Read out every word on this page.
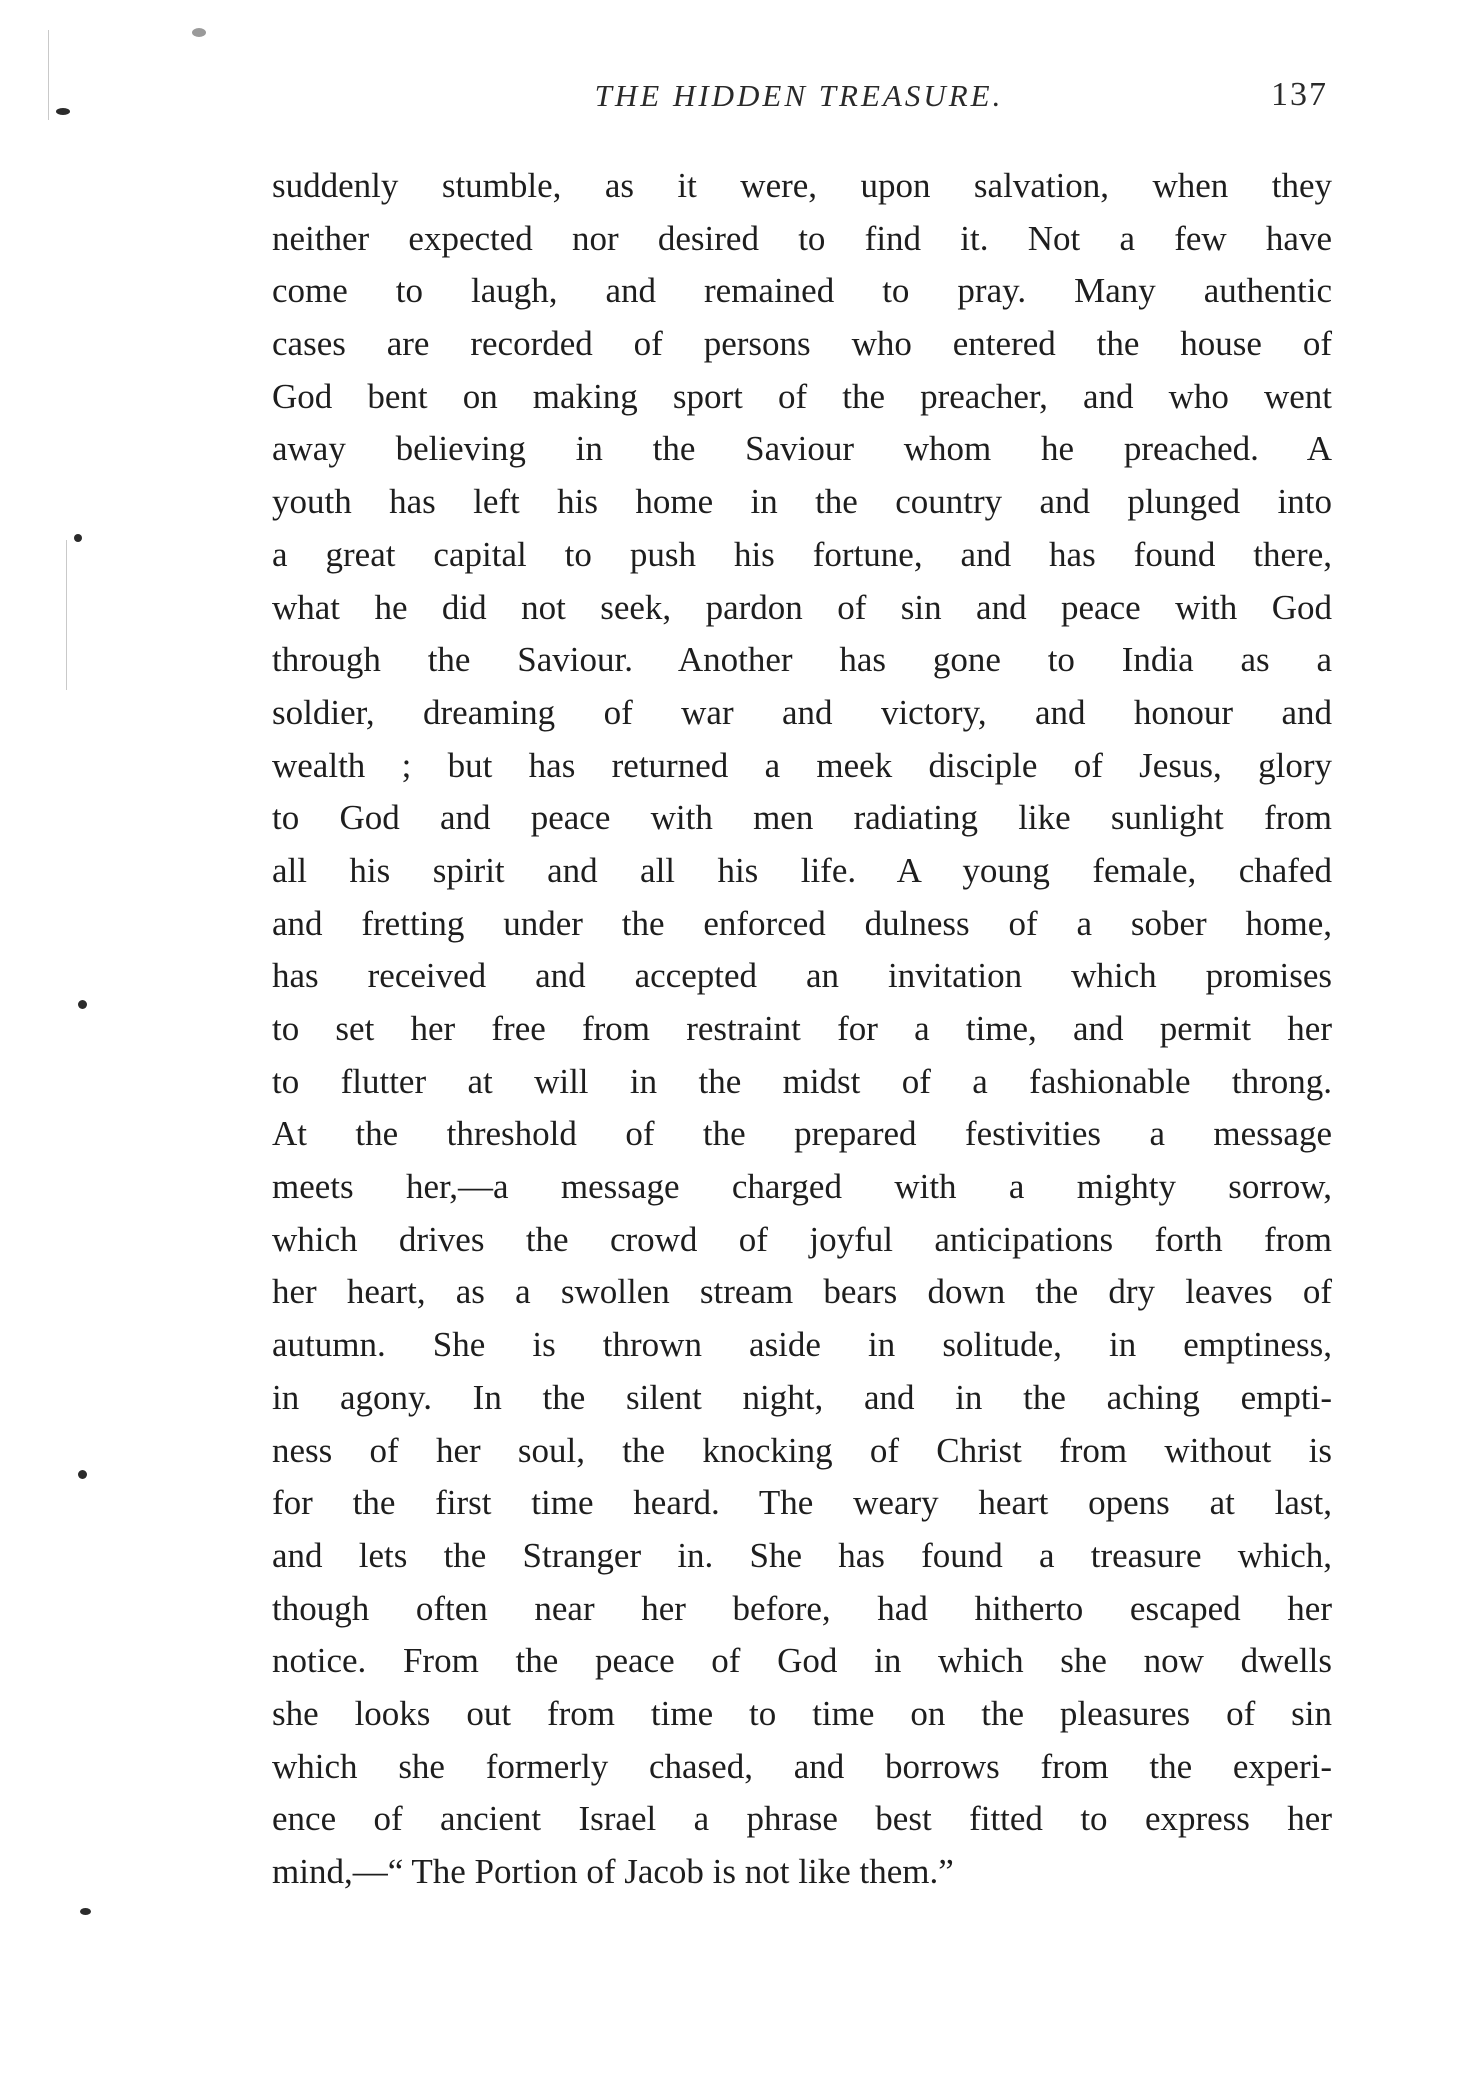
THE HIDDEN TREASURE.	137
suddenly stumble, as it were, upon salvation, when they
neither expected nor desired to find it. Not a few have
come to laugh, and remained to pray. Many authentic
cases are recorded of persons who entered the house of
God bent on making sport of the preacher, and who went
away believing in the Saviour whom he preached. A
youth has left his home in the country and plunged into
a great capital to push his fortune, and has found there,
what he did not seek, pardon of sin and peace with God
through the Saviour. Another has gone to India as a
soldier, dreaming of war and victory, and honour and
wealth ; but has returned a meek disciple of Jesus, glory
to God and peace with men radiating like sunlight from
all his spirit and all his life. A young female, chafed
and fretting under the enforced dulness of a sober home,
has received and accepted an invitation which promises
to set her free from restraint for a time, and permit her
to flutter at will in the midst of a fashionable throng.
At the threshold of the prepared festivities a message
meets her,—a message charged with a mighty sorrow,
which drives the crowd of joyful anticipations forth from
her heart, as a swollen stream bears down the dry leaves of
autumn. She is thrown aside in solitude, in emptiness,
in agony. In the silent night, and in the aching empti-
ness of her soul, the knocking of Christ from without is
for the first time heard. The weary heart opens at last,
and lets the Stranger in. She has found a treasure which,
though often near her before, had hitherto escaped her
notice. From the peace of God in which she now dwells
she looks out from time to time on the pleasures of sin
which she formerly chased, and borrows from the experi-
ence of ancient Israel a phrase best fitted to express her
mind,—“ The Portion of Jacob is not like them.”
